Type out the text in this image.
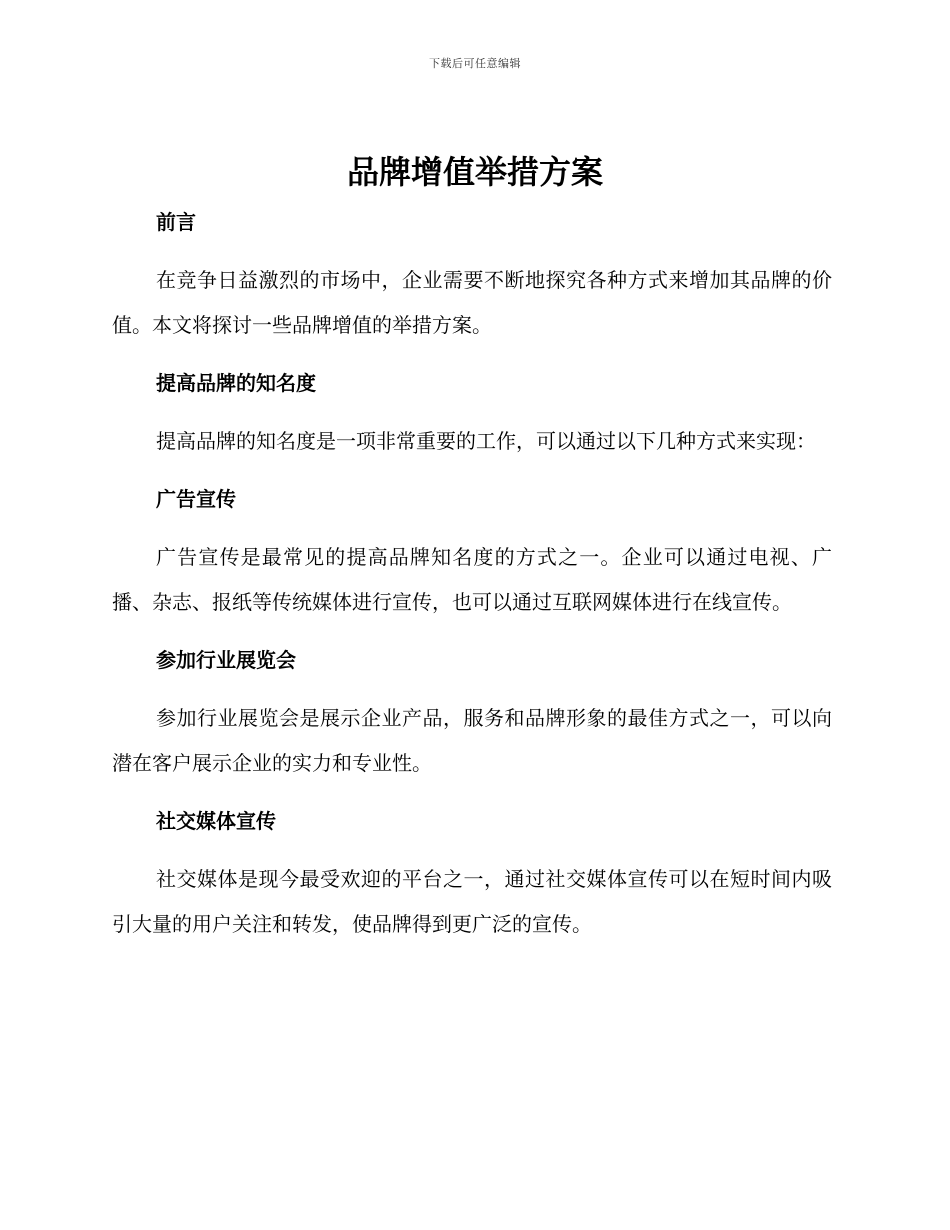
下载后可任意编辑
品牌增值举措方案
前言

在竞争日益激烈的市场中，企业需要不断地探究各种方式来增加其品牌的价值。本文将探讨一些品牌增值的举措方案。

提高品牌的知名度

提高品牌的知名度是一项非常重要的工作，可以通过以下几种方式来实现：

广告宣传

广告宣传是最常见的提高品牌知名度的方式之一。企业可以通过电视、广播、杂志、报纸等传统媒体进行宣传，也可以通过互联网媒体进行在线宣传。

参加行业展览会

参加行业展览会是展示企业产品，服务和品牌形象的最佳方式之一，可以向潜在客户展示企业的实力和专业性。

社交媒体宣传

社交媒体是现今最受欢迎的平台之一，通过社交媒体宣传可以在短时间内吸引大量的用户关注和转发，使品牌得到更广泛的宣传。
